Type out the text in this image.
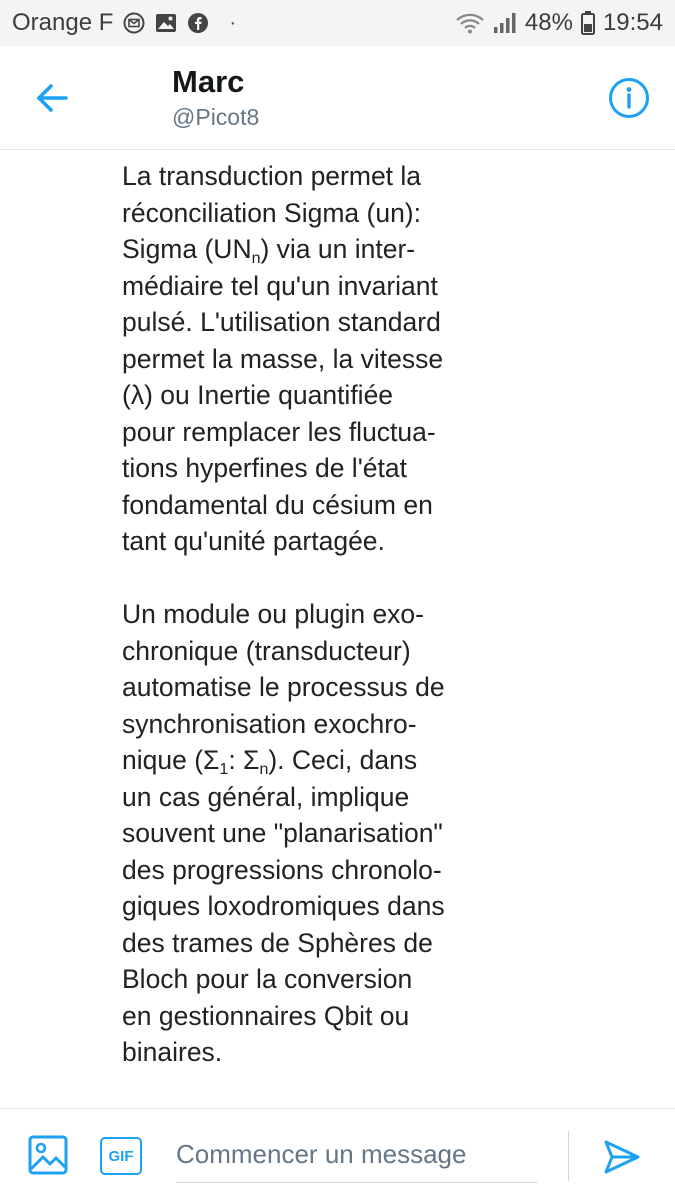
Orange F	·	48% 19:54
Marc
@Picot8

La transduction permet la
réconciliation Sigma (un):
Sigma $(UN_n)$ via un inter-
médiaire tel qu'un invariant
pulsé. L'utilisation standard
permet la masse, la vitesse
(λ) ou Inertie quantifiée
pour remplacer les fluctua-
tions hyperfines de l'état
fondamental du césium en
tant qu'unité partagée.

Un module ou plugin exo-
chronique (transducteur)
automatise le processus de
synchronisation exochro-
nique ($\Sigma_1$: $\Sigma_n$). Ceci, dans
un cas général, implique
souvent une "planarisation"
des progressions chronolo-
giques loxodromiques dans
des trames de Sphères de
Bloch pour la conversion
en gestionnaires Qbit ou
binaires.

GIF
Commencer un message
